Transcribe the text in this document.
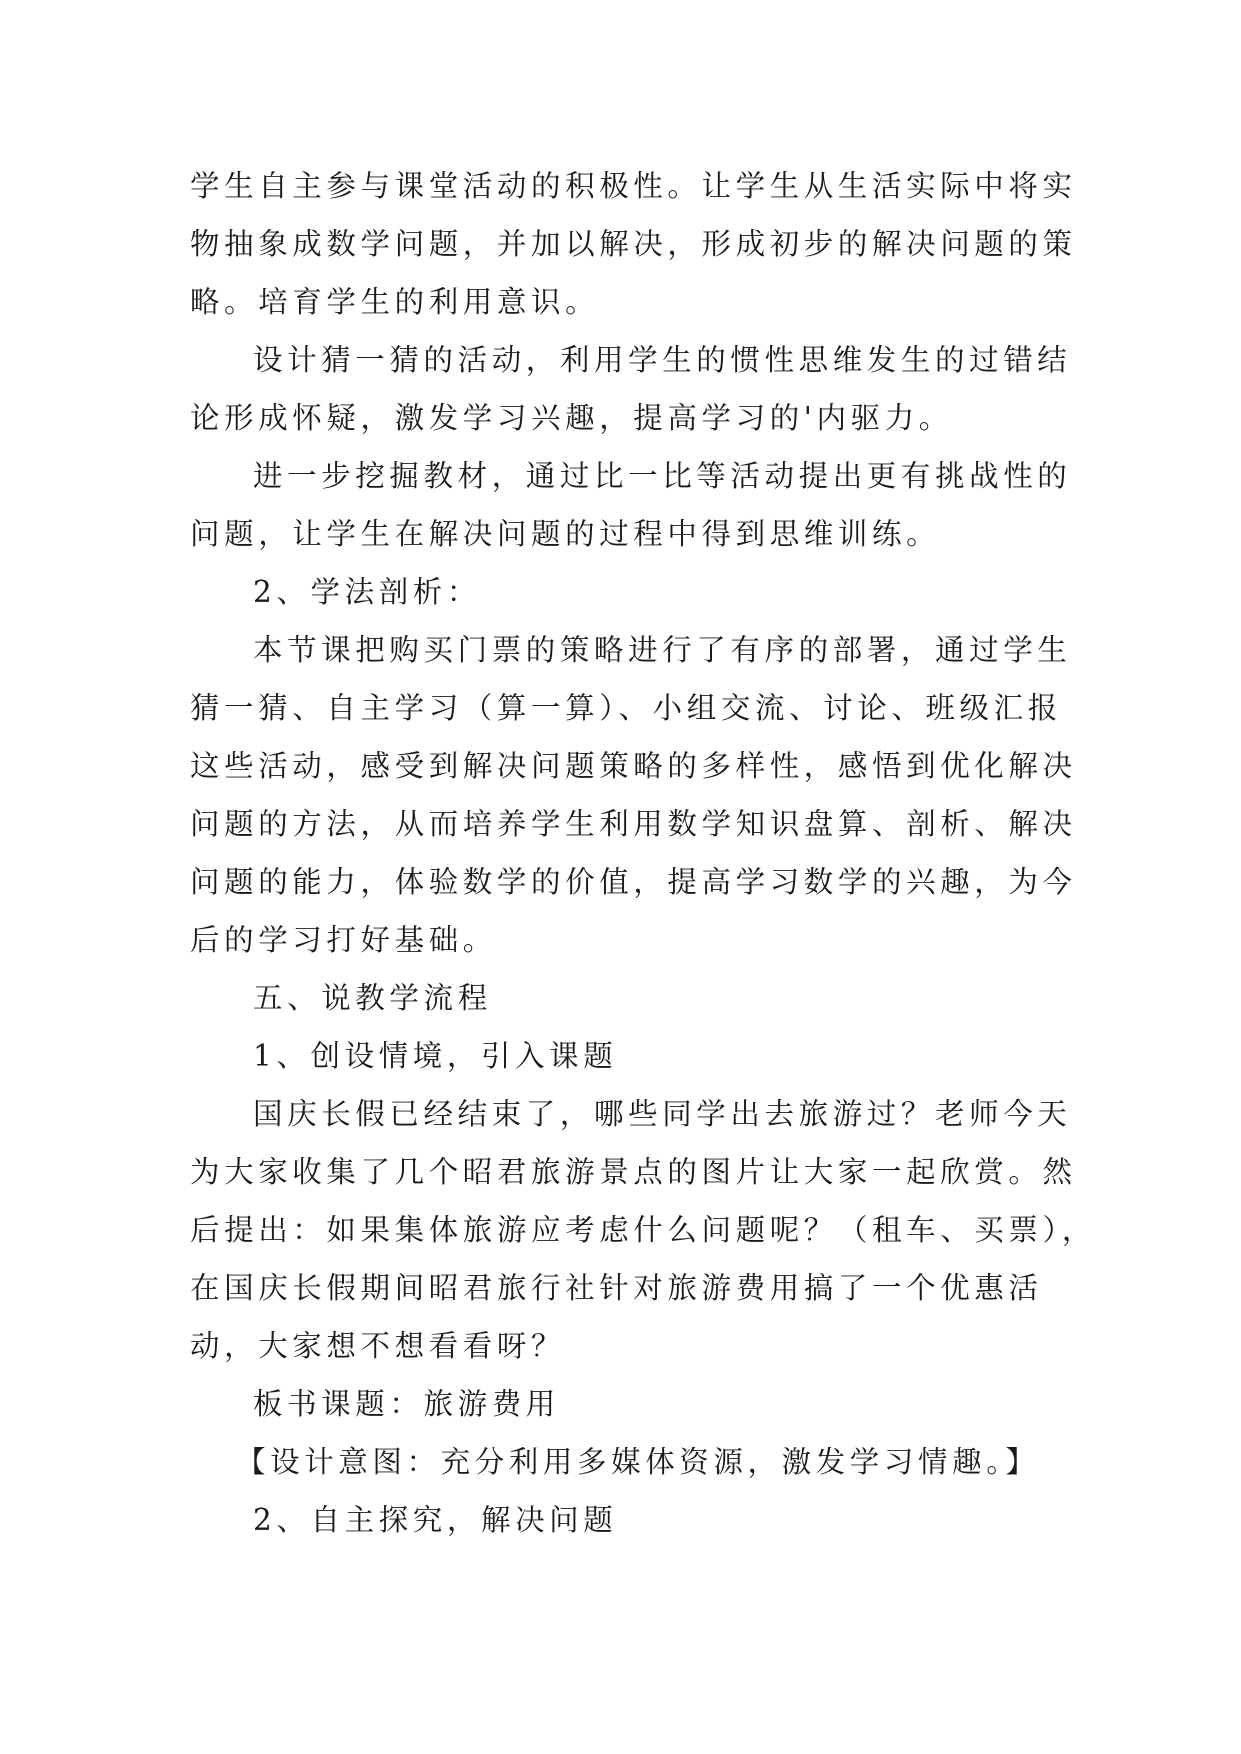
学生自主参与课堂活动的积极性。让学生从生活实际中将实
物抽象成数学问题，并加以解决，形成初步的解决问题的策
略。培育学生的利用意识。
设计猜一猜的活动，利用学生的惯性思维发生的过错结
论形成怀疑，激发学习兴趣，提高学习的'内驱力。
进一步挖掘教材，通过比一比等活动提出更有挑战性的
问题，让学生在解决问题的过程中得到思维训练。
2、学法剖析：
本节课把购买门票的策略进行了有序的部署，通过学生
猜一猜、自主学习（算一算）、小组交流、讨论、班级汇报
这些活动，感受到解决问题策略的多样性，感悟到优化解决
问题的方法，从而培养学生利用数学知识盘算、剖析、解决
问题的能力，体验数学的价值，提高学习数学的兴趣，为今
后的学习打好基础。
五、说教学流程
1、创设情境，引入课题
国庆长假已经结束了，哪些同学出去旅游过？老师今天
为大家收集了几个昭君旅游景点的图片让大家一起欣赏。然
后提出：如果集体旅游应考虑什么问题呢？（租车、买票），
在国庆长假期间昭君旅行社针对旅游费用搞了一个优惠活
动，大家想不想看看呀？
板书课题：旅游费用
【设计意图：充分利用多媒体资源，激发学习情趣。】
2、自主探究，解决问题
